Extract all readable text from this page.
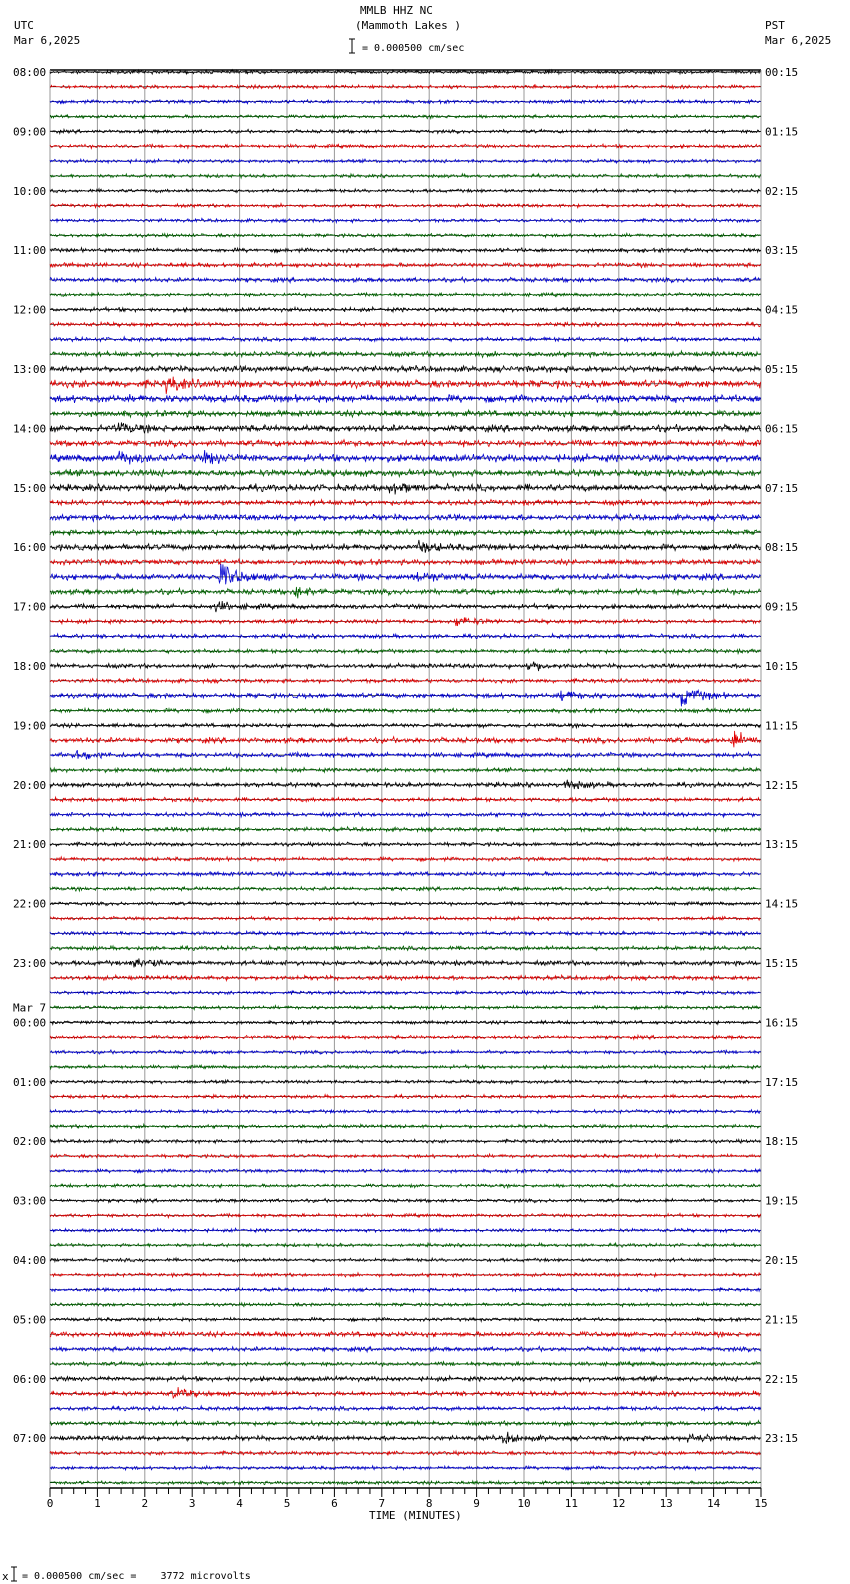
MMLB HHZ NC
(Mammoth Lakes )
UTC
Mar 6,2025
PST
Mar 6,2025
= 0.000500 cm/sec
= 0.000500 cm/sec =    3772 microvolts
TIME (MINUTES)
0	1	2	3	4	5	6	7	8	9	10	11	12	13	14	15
08:00
09:00
10:00
11:00
12:00
13:00
14:00
15:00
16:00
17:00
18:00
19:00
20:00
21:00
22:00
23:00
00:00
01:00
02:00
03:00
04:00
05:00
06:00
07:00
00:15
01:15
02:15
03:15
04:15
05:15
06:15
07:15
08:15
09:15
10:15
11:15
12:15
13:15
14:15
15:15
16:15
17:15
18:15
19:15
20:15
21:15
22:15
23:15
Mar 7
x
